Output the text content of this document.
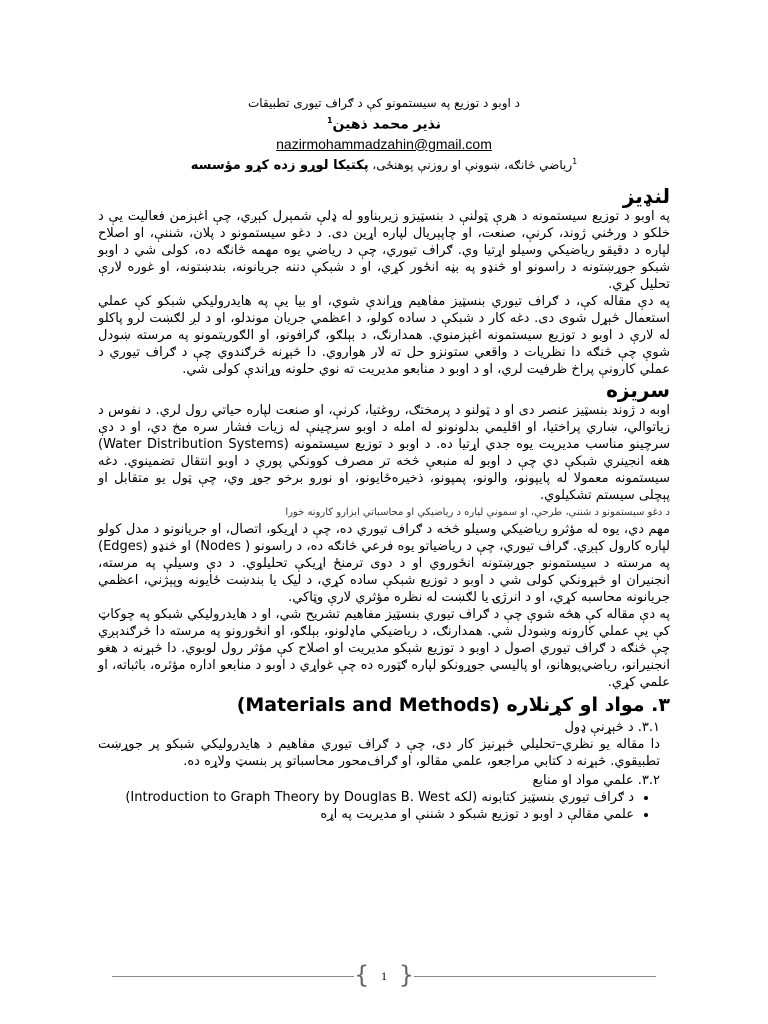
د اوبو د توزیع په سیستمونو کې د ګراف تیوری تطبیقات
نذیر محمد ذهین$^1$
nazirmohammadzahin@gmail.com
$^1$ریاضي څانګه، ښوونې او روزنې پوهنځی، پکتیکا لوړو زده کړو مؤسسه
لنډیز

په اوبو د توزیع سیستمونه د هرې ټولنې د بنسټیزو زیربناوو له ډلې شمېرل کېږي، چې اغېزمن فعالیت یې د خلکو د ورځني ژوند، کرنې، صنعت، او چاپېریال لپاره اړین دی. د دغو سیستمونو د پلان، شننې، او اصلاح لپاره د دقیقو ریاضیکي وسیلو اړتیا وي. ګراف تیوري، چې د ریاضي یوه مهمه څانګه ده، کولی شي د اوبو شبکو جوړښتونه د راسونو او څنډو په بڼه انځور کړي، او د شبکې دننه جریانونه، بندښتونه، او غوره لارې تحلیل کړي.

په دې مقاله کې، د ګراف تیوري بنسټیز مفاهیم وړاندې شوي، او بیا یې په هایدرولیکي شبکو کې عملي استعمال څېړل شوی دی. دغه کار د شبکې د ساده کولو، د اعظمي جریان موندلو، او د لږ لګښت لرو پاکلو له لارې د اوبو د توزیع سیستمونه اغېزمنوي. همدارنګ، د بېلګو، ګرافونو، او الګوریتمونو په مرسته ښودل شوې چې څنګه دا نظریات د واقعي ستونزو حل ته لار هواروي. دا څېړنه څرګندوي چې د ګراف تیوري د عملي کارونې پراخ ظرفیت لري، او د اوبو د منابعو مدیریت ته نوي حلونه وړاندې کولی شي.

سریزه

اوبه د ژوند بنسټیز عنصر دی او د ټولنو د پرمختګ، روغتیا، کرنې، او صنعت لپاره حیاتي رول لري. د نفوس د زیاتوالي، ښاري پراختیا، او اقلیمي بدلونونو له امله د اوبو سرچینې له زیات فشار سره مخ دي، او د دې سرچینو مناسب مدیریت یوه جدي اړتیا ده. د اوبو د توزیع سیستمونه (Water Distribution Systems) هغه انجینري شبکې دي چې د اوبو له منبعې څخه تر مصرف کوونکي پورې د اوبو انتقال تضمینوي. دغه سیستمونه معمولا له پایپونو، والونو، پمپونو، ذخیره‌ځایونو، او نورو برخو جوړ وي، چې ټول یو متقابل او پېچلی سیستم تشکیلوي.

د دغو سیستمونو د شننې، طرحې، او سمونې لپاره د ریاضیکي او محاسباتي ابزارو کارونه خورا

مهم دي، یوه له مؤثرو ریاضیکي وسیلو څخه د ګراف تیوري ده، چې د اړیکو، اتصال، او جریانونو د مدل کولو لپاره کارول کېږي. ګراف تیوري، چې د ریاضیاتو یوه فرعي څانګه ده، د راسونو ( Nodes) او څنډو (Edges) په مرسته د سیستمونو جوړښتونه انځوروي او د دوی ترمنځ اړیکې تحلیلوي. د دې وسیلې په مرسته، انجنیران او څېړونکي کولی شي د اوبو د توزیع شبکې ساده کړي، د لیک یا بندښت ځایونه وپېژني، اعظمي جریانونه محاسبه کړي، او د انرژۍ یا لګښت له نظره مؤثري لارې وټاکي.

په دې مقاله کې هڅه شوې چې د ګراف تیوري بنسټیز مفاهیم تشریح شي، او د هایدرولیکي شبکو په چوکاټ کې یې عملي کارونه وښودل شي. همدارنګ، د ریاضیکي ماډلونو، بېلګو، او انځورونو په مرسته دا څرګندېږي چې څنګه د ګراف تیوري اصول د اوبو د توزیع شبکو مدیریت او اصلاح کې مؤثر رول لوبوي. دا څېړنه د هغو انجنیرانو، ریاضي‌پوهانو، او پالیسي جوړونکو لپاره ګټوره ده چې غواړي د اوبو د منابعو اداره مؤثره، باثباته، او علمي کړي.

۳. مواد او کړنلاره (Materials and Methods)
۳.۱. د څېړنې ډول
دا مقاله یو نظري–تحلیلي څېړنیز کار دی، چې د ګراف تیوري مفاهیم د هایدرولیکي شبکو پر جوړښت تطبیقوي. څېړنه د کتابي مراجعو، علمي مقالو، او ګراف‌محور محاسباتو پر بنسټ ولاړه ده.
۳.۲. علمي مواد او منابع
• د ګراف تیوري بنسټیز کتابونه (لکه Introduction to Graph Theory by Douglas B. West)
• علمي مقالې د اوبو د توزیع شبکو د شننې او مدیریت په اړه
{ 1 }
